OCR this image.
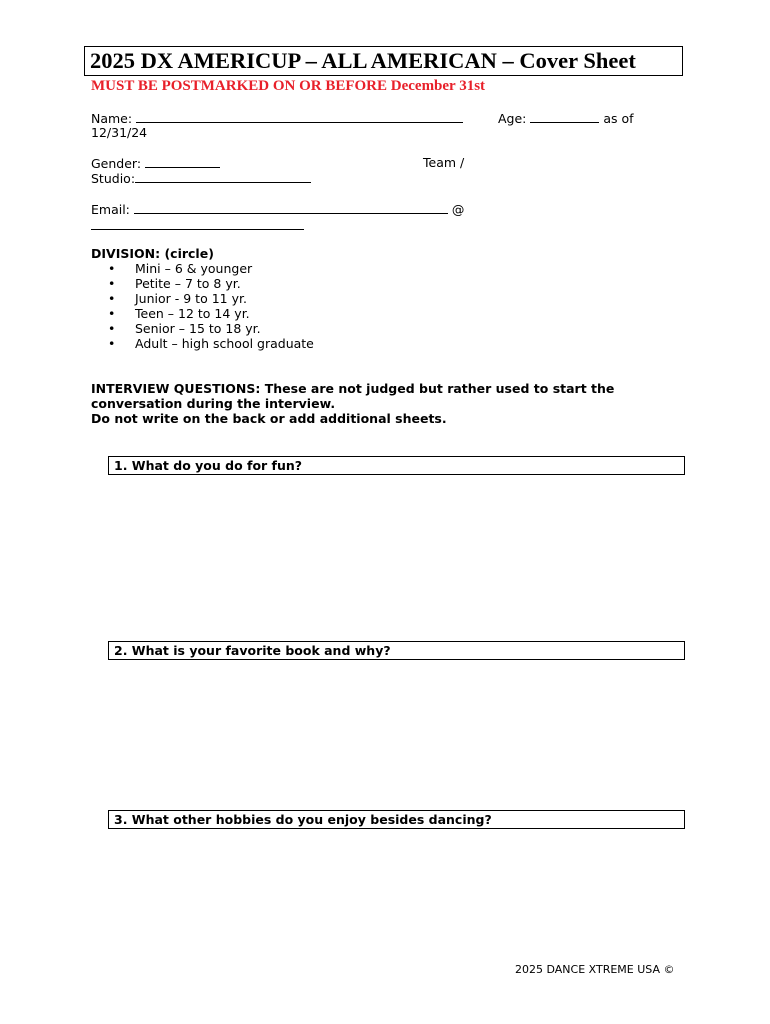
2025 DX AMERICUP – ALL AMERICAN – Cover Sheet
MUST BE POSTMARKED ON OR BEFORE December 31st
Name:	Age:	as of
12/31/24
Gender:	Team /
Studio:
Email:	@
DIVISION: (circle)
• Mini – 6 & younger
• Petite – 7 to 8 yr.
• Junior - 9 to 11 yr.
• Teen – 12 to 14 yr.
• Senior – 15 to 18 yr.
• Adult – high school graduate
INTERVIEW QUESTIONS: These are not judged but rather used to start the
conversation during the interview.
Do not write on the back or add additional sheets.
1. What do you do for fun?
2. What is your favorite book and why?
3. What other hobbies do you enjoy besides dancing?
2025 DANCE XTREME USA ©
